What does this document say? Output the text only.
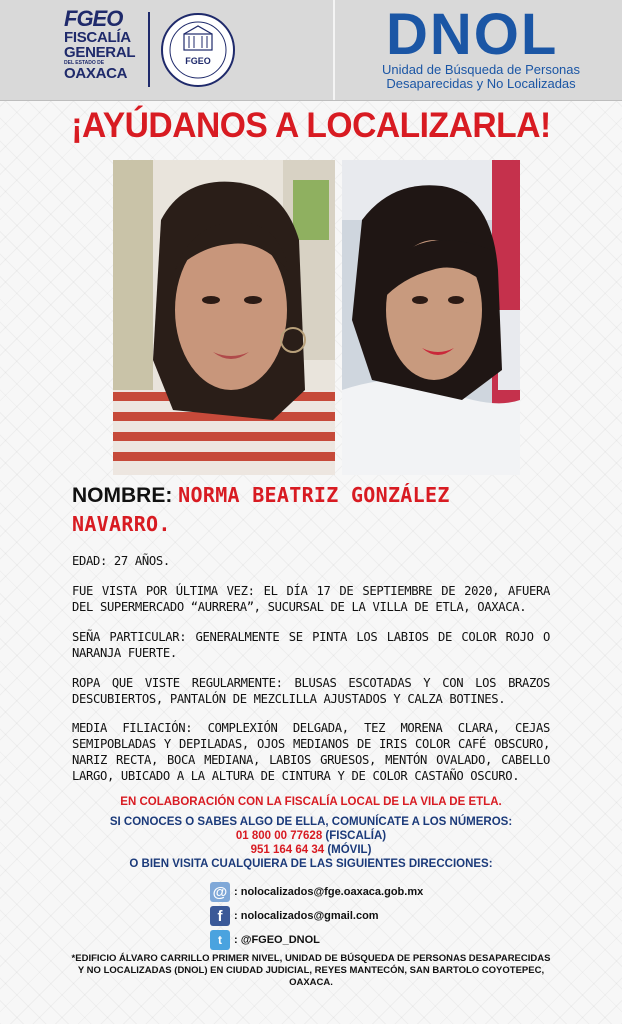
FGEO
FISCALÍA
GENERAL
DEL ESTADO DE
OAXACA
FGEO	DNOL
Unidad de Búsqueda de Personas
Desaparecidas y No Localizadas
¡AYÚDANOS A LOCALIZARLA!
NOMBRE: NORMA BEATRIZ GONZÁLEZ NAVARRO.
EDAD: 27 AÑOS.
FUE VISTA POR ÚLTIMA VEZ: EL DÍA 17 DE SEPTIEMBRE DE 2020, AFUERA DEL SUPERMERCADO “AURRERA”, SUCURSAL DE LA VILLA DE ETLA, OAXACA.
SEÑA PARTICULAR: GENERALMENTE SE PINTA LOS LABIOS DE COLOR ROJO O NARANJA FUERTE.
ROPA QUE VISTE REGULARMENTE: BLUSAS ESCOTADAS Y CON LOS BRAZOS DESCUBIERTOS, PANTALÓN DE MEZCLILLA AJUSTADOS Y CALZA BOTINES.
MEDIA FILIACIÓN: COMPLEXIÓN DELGADA, TEZ MORENA CLARA, CEJAS SEMIPOBLADAS Y DEPILADAS, OJOS MEDIANOS DE IRIS COLOR CAFÉ OBSCURO, NARIZ RECTA, BOCA MEDIANA, LABIOS GRUESOS, MENTÓN OVALADO, CABELLO LARGO, UBICADO A LA ALTURA DE CINTURA Y DE COLOR CASTAÑO OSCURO.
EN COLABORACIÓN CON LA FISCALÍA LOCAL DE LA VILA DE ETLA.
SI CONOCES O SABES ALGO DE ELLA, COMUNÍCATE A LOS NÚMEROS:
01 800 00 77628 (FISCALÍA)
951 164 64 34 (MÓVIL)
O BIEN VISITA CUALQUIERA DE LAS SIGUIENTES DIRECCIONES:
@ : nolocalizados@fge.oaxaca.gob.mx
f	: nolocalizados@gmail.com
t	: @FGEO_DNOL
*EDIFICIO ÁLVARO CARRILLO PRIMER NIVEL, UNIDAD DE BÚSQUEDA DE PERSONAS DESAPARECIDAS Y NO LOCALIZADAS (DNOL) EN CIUDAD JUDICIAL, REYES MANTECÓN, SAN BARTOLO COYOTEPEC, OAXACA.
